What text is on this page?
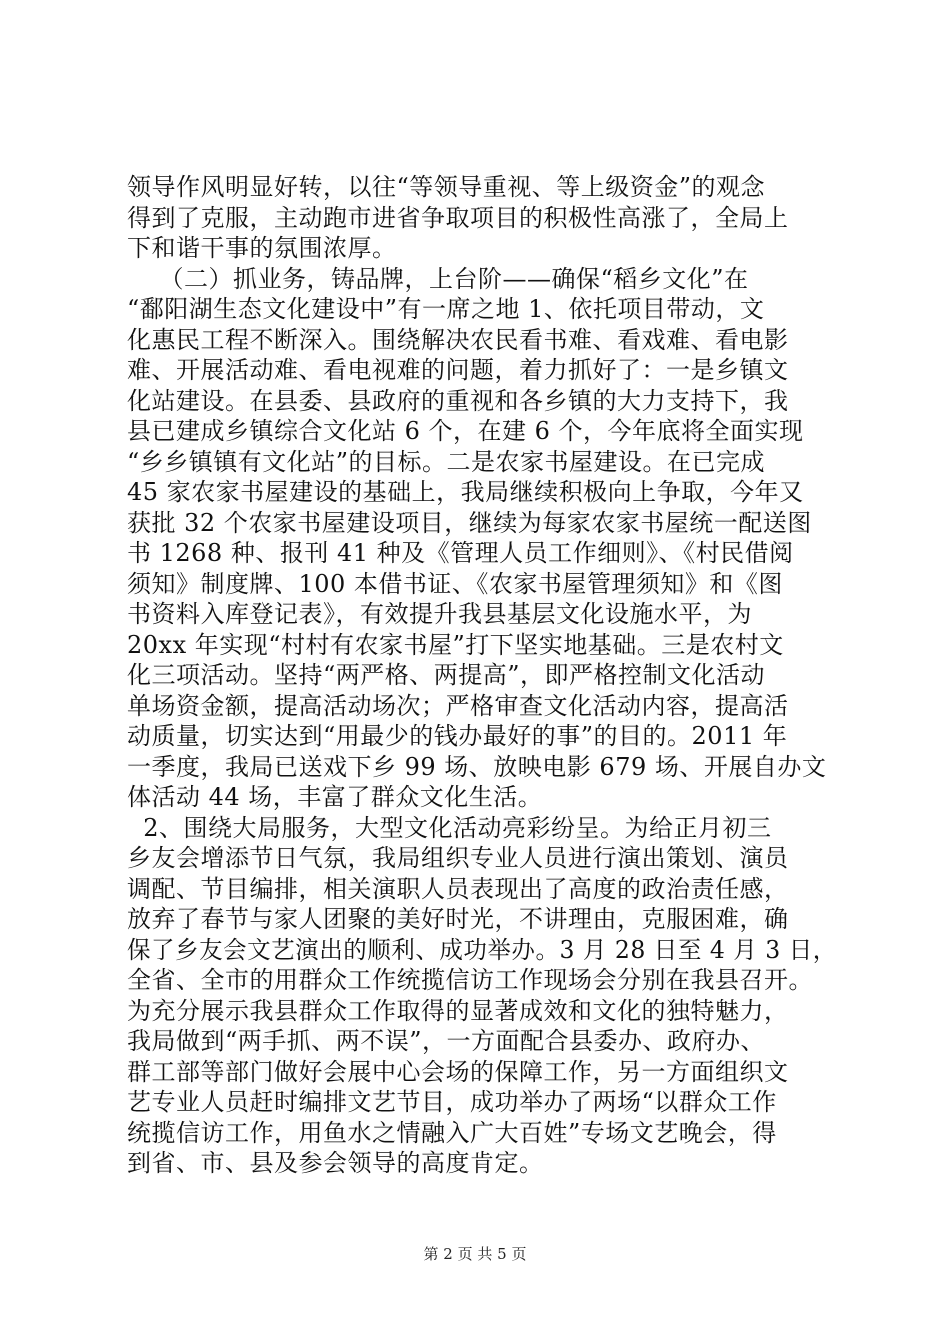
领导作风明显好转，以往“等领导重视、等上级资金”的观念
得到了克服，主动跑市进省争取项目的积极性高涨了，全局上
下和谐干事的氛围浓厚。
（二）抓业务，铸品牌，上台阶——确保“稻乡文化”在
“鄱阳湖生态文化建设中”有一席之地 1、依托项目带动，文
化惠民工程不断深入。围绕解决农民看书难、看戏难、看电影
难、开展活动难、看电视难的问题，着力抓好了：一是乡镇文
化站建设。在县委、县政府的重视和各乡镇的大力支持下，我
县已建成乡镇综合文化站 6 个，在建 6 个，今年底将全面实现
“乡乡镇镇有文化站”的目标。二是农家书屋建设。在已完成
45 家农家书屋建设的基础上，我局继续积极向上争取，今年又
获批 32 个农家书屋建设项目，继续为每家农家书屋统一配送图
书 1268 种、报刊 41 种及《管理人员工作细则》、《村民借阅
须知》制度牌、100 本借书证、《农家书屋管理须知》和《图
书资料入库登记表》，有效提升我县基层文化设施水平，为
20xx 年实现“村村有农家书屋”打下坚实地基础。三是农村文
化三项活动。坚持“两严格、两提高”，即严格控制文化活动
单场资金额，提高活动场次；严格审查文化活动内容，提高活
动质量，切实达到“用最少的钱办最好的事”的目的。2011 年
一季度，我局已送戏下乡 99 场、放映电影 679 场、开展自办文
体活动 44 场，丰富了群众文化生活。
2、围绕大局服务，大型文化活动亮彩纷呈。为给正月初三
乡友会增添节日气氛，我局组织专业人员进行演出策划、演员
调配、节目编排，相关演职人员表现出了高度的政治责任感，
放弃了春节与家人团聚的美好时光，不讲理由，克服困难，确
保了乡友会文艺演出的顺利、成功举办。3 月 28 日至 4 月 3 日，
全省、全市的用群众工作统揽信访工作现场会分别在我县召开。
为充分展示我县群众工作取得的显著成效和文化的独特魅力，
我局做到“两手抓、两不误”，一方面配合县委办、政府办、
群工部等部门做好会展中心会场的保障工作，另一方面组织文
艺专业人员赶时编排文艺节目，成功举办了两场“以群众工作
统揽信访工作，用鱼水之情融入广大百姓”专场文艺晚会，得
到省、市、县及参会领导的高度肯定。
第 2 页 共 5 页
